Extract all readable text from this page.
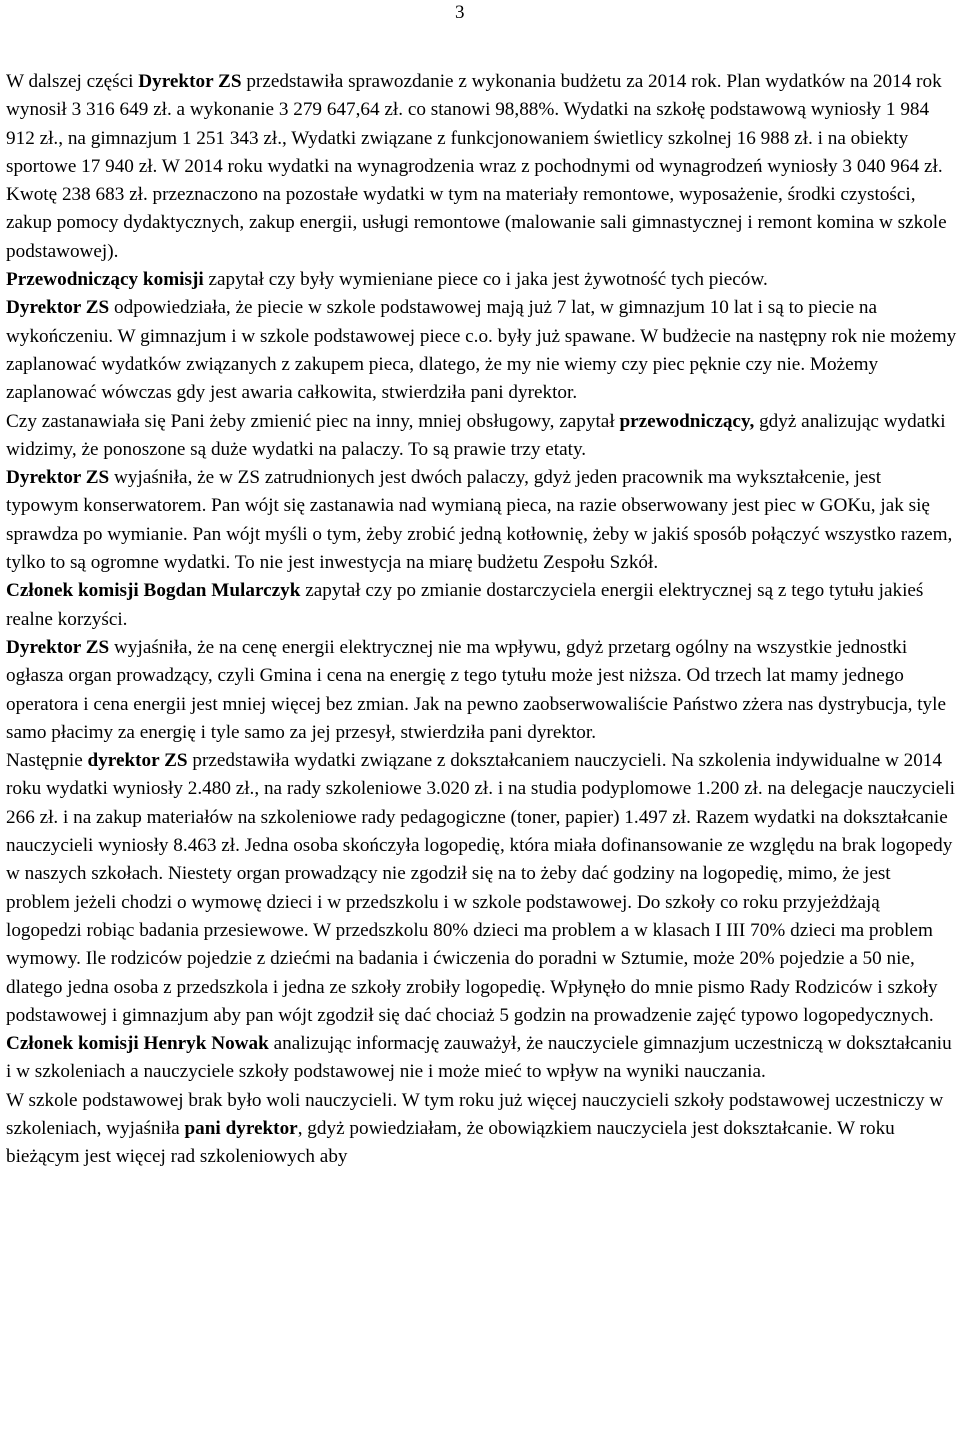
3

W dalszej części Dyrektor ZS przedstawiła sprawozdanie z wykonania budżetu za 2014 rok. Plan wydatków na 2014 rok wynosił 3 316 649 zł. a wykonanie 3 279 647,64 zł. co stanowi 98,88%. Wydatki na szkołę podstawową wyniosły 1 984 912 zł., na gimnazjum 1 251 343 zł., Wydatki związane z funkcjonowaniem świetlicy szkolnej 16 988 zł. i na obiekty sportowe 17 940 zł. W 2014 roku wydatki na wynagrodzenia wraz z pochodnymi od wynagrodzeń wyniosły 3 040 964 zł. Kwotę 238 683 zł. przeznaczono na pozostałe wydatki w tym na materiały remontowe, wyposażenie, środki czystości, zakup pomocy dydaktycznych, zakup energii, usługi remontowe (malowanie sali gimnastycznej i remont komina w szkole podstawowej).

Przewodniczący komisji zapytał czy były wymieniane piece co i jaka jest żywotność tych pieców.

Dyrektor ZS odpowiedziała, że piecie w szkole podstawowej mają już 7 lat, w gimnazjum 10 lat i są to piecie na wykończeniu. W gimnazjum i w szkole podstawowej piece c.o. były już spawane. W budżecie na następny rok nie możemy zaplanować wydatków związanych z zakupem pieca, dlatego, że my nie wiemy czy piec pęknie czy nie. Możemy zaplanować wówczas gdy jest awaria całkowita, stwierdziła pani dyrektor.

Czy zastanawiała się Pani żeby zmienić piec na inny, mniej obsługowy, zapytał przewodniczący, gdyż analizując wydatki widzimy, że ponoszone są duże wydatki na palaczy. To są prawie trzy etaty.

Dyrektor ZS wyjaśniła, że w ZS zatrudnionych jest dwóch palaczy, gdyż jeden pracownik ma wykształcenie, jest typowym konserwatorem. Pan wójt się zastanawia nad wymianą pieca, na razie obserwowany jest piec w GOKu, jak się sprawdza po wymianie. Pan wójt myśli o tym, żeby zrobić jedną kotłownię, żeby w jakiś sposób połączyć wszystko razem, tylko to są ogromne wydatki. To nie jest inwestycja na miarę budżetu Zespołu Szkół.

Członek komisji Bogdan Mularczyk zapytał czy po zmianie dostarczyciela energii elektrycznej są z tego tytułu jakieś realne korzyści.

Dyrektor ZS wyjaśniła, że na cenę energii elektrycznej nie ma wpływu, gdyż przetarg ogólny na wszystkie jednostki ogłasza organ prowadzący, czyli Gmina i cena na energię z tego tytułu może jest niższa. Od trzech lat mamy jednego operatora i cena energii jest mniej więcej bez zmian. Jak na pewno zaobserwowaliście Państwo zżera nas dystrybucja, tyle samo płacimy za energię i tyle samo za jej przesył, stwierdziła pani dyrektor.

Następnie dyrektor ZS przedstawiła wydatki związane z dokształcaniem nauczycieli. Na szkolenia indywidualne w 2014 roku wydatki wyniosły 2.480 zł., na rady szkoleniowe 3.020 zł. i na studia podyplomowe 1.200 zł. na delegacje nauczycieli 266 zł. i na zakup materiałów na szkoleniowe rady pedagogiczne (toner, papier) 1.497 zł. Razem wydatki na dokształcanie nauczycieli wyniosły 8.463 zł. Jedna osoba skończyła logopedię, która miała dofinansowanie ze względu na brak logopedy w naszych szkołach. Niestety organ prowadzący nie zgodził się na to żeby dać godziny na logopedię, mimo, że jest problem jeżeli chodzi o wymowę dzieci i w przedszkolu i w szkole podstawowej. Do szkoły co roku przyjeżdżają logopedzi robiąc badania przesiewowe. W przedszkolu 80% dzieci ma problem a w klasach I III 70% dzieci ma problem wymowy. Ile rodziców pojedzie z dziećmi na badania i ćwiczenia do poradni w Sztumie, może 20% pojedzie a 50 nie, dlatego jedna osoba z przedszkola i jedna ze szkoły zrobiły logopedię. Wpłynęło do mnie pismo Rady Rodziców i szkoły podstawowej i gimnazjum aby pan wójt zgodził się dać chociaż 5 godzin na prowadzenie zajęć typowo logopedycznych.

Członek komisji Henryk Nowak analizując informację zauważył, że nauczyciele gimnazjum uczestniczą w dokształcaniu i w szkoleniach a nauczyciele szkoły podstawowej nie i może mieć to wpływ na wyniki nauczania.

W szkole podstawowej brak było woli nauczycieli. W tym roku już więcej nauczycieli szkoły podstawowej uczestniczy w szkoleniach, wyjaśniła pani dyrektor, gdyż powiedziałam, że obowiązkiem nauczyciela jest dokształcanie. W roku bieżącym jest więcej rad szkoleniowych aby
